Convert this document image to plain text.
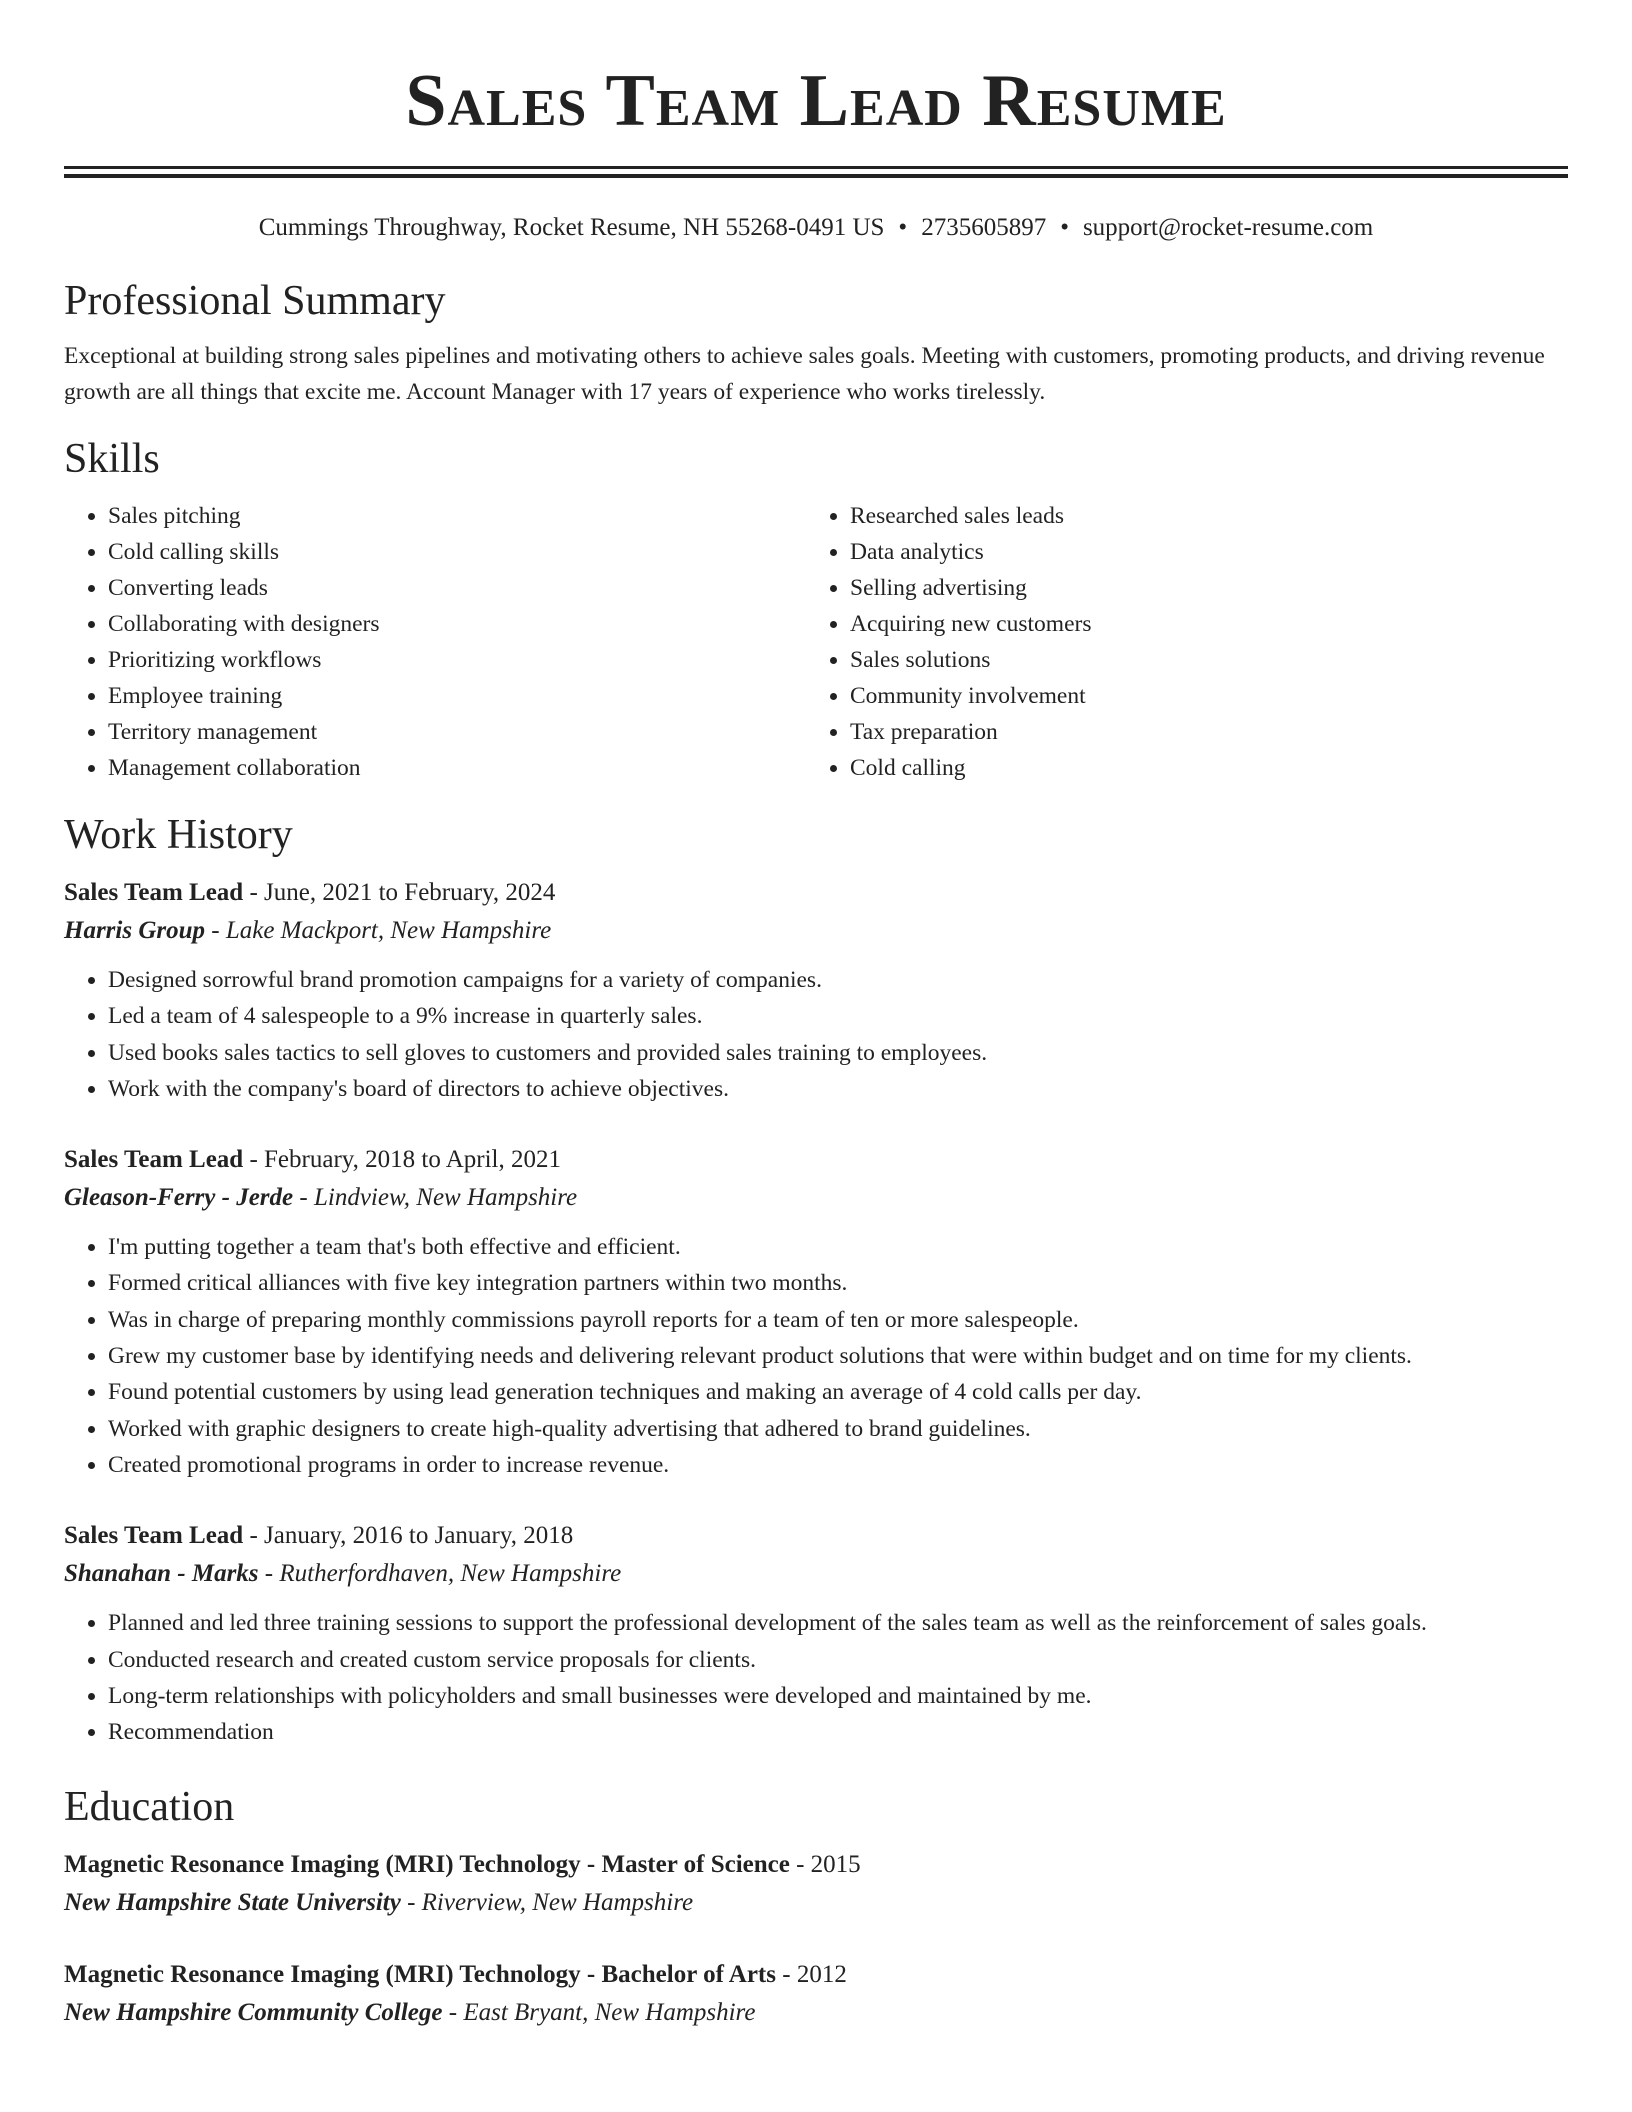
Sales Team Lead Resume
Cummings Throughway, Rocket Resume, NH 55268-0491 US • 2735605897 • support@rocket-resume.com
Professional Summary

Exceptional at building strong sales pipelines and motivating others to achieve sales goals. Meeting with customers, promoting products, and driving revenue growth are all things that excite me. Account Manager with 17 years of experience who works tirelessly.

Skills
• Sales pitching
• Cold calling skills
• Converting leads
• Collaborating with designers
• Prioritizing workflows
• Employee training
• Territory management
• Management collaboration
• Researched sales leads
• Data analytics
• Selling advertising
• Acquiring new customers
• Sales solutions
• Community involvement
• Tax preparation
• Cold calling
Work History
Sales Team Lead - June, 2021 to February, 2024
Harris Group - Lake Mackport, New Hampshire
• Designed sorrowful brand promotion campaigns for a variety of companies.
• Led a team of 4 salespeople to a 9% increase in quarterly sales.
• Used books sales tactics to sell gloves to customers and provided sales training to employees.
• Work with the company's board of directors to achieve objectives.
Sales Team Lead - February, 2018 to April, 2021
Gleason-Ferry - Jerde - Lindview, New Hampshire
• I'm putting together a team that's both effective and efficient.
• Formed critical alliances with five key integration partners within two months.
• Was in charge of preparing monthly commissions payroll reports for a team of ten or more salespeople.
• Grew my customer base by identifying needs and delivering relevant product solutions that were within budget and on time for my clients.
• Found potential customers by using lead generation techniques and making an average of 4 cold calls per day.
• Worked with graphic designers to create high-quality advertising that adhered to brand guidelines.
• Created promotional programs in order to increase revenue.
Sales Team Lead - January, 2016 to January, 2018
Shanahan - Marks - Rutherfordhaven, New Hampshire
• Planned and led three training sessions to support the professional development of the sales team as well as the reinforcement of sales goals.
• Conducted research and created custom service proposals for clients.
• Long-term relationships with policyholders and small businesses were developed and maintained by me.
• Recommendation
Education
Magnetic Resonance Imaging (MRI) Technology - Master of Science - 2015
New Hampshire State University - Riverview, New Hampshire
Magnetic Resonance Imaging (MRI) Technology - Bachelor of Arts - 2012
New Hampshire Community College - East Bryant, New Hampshire
